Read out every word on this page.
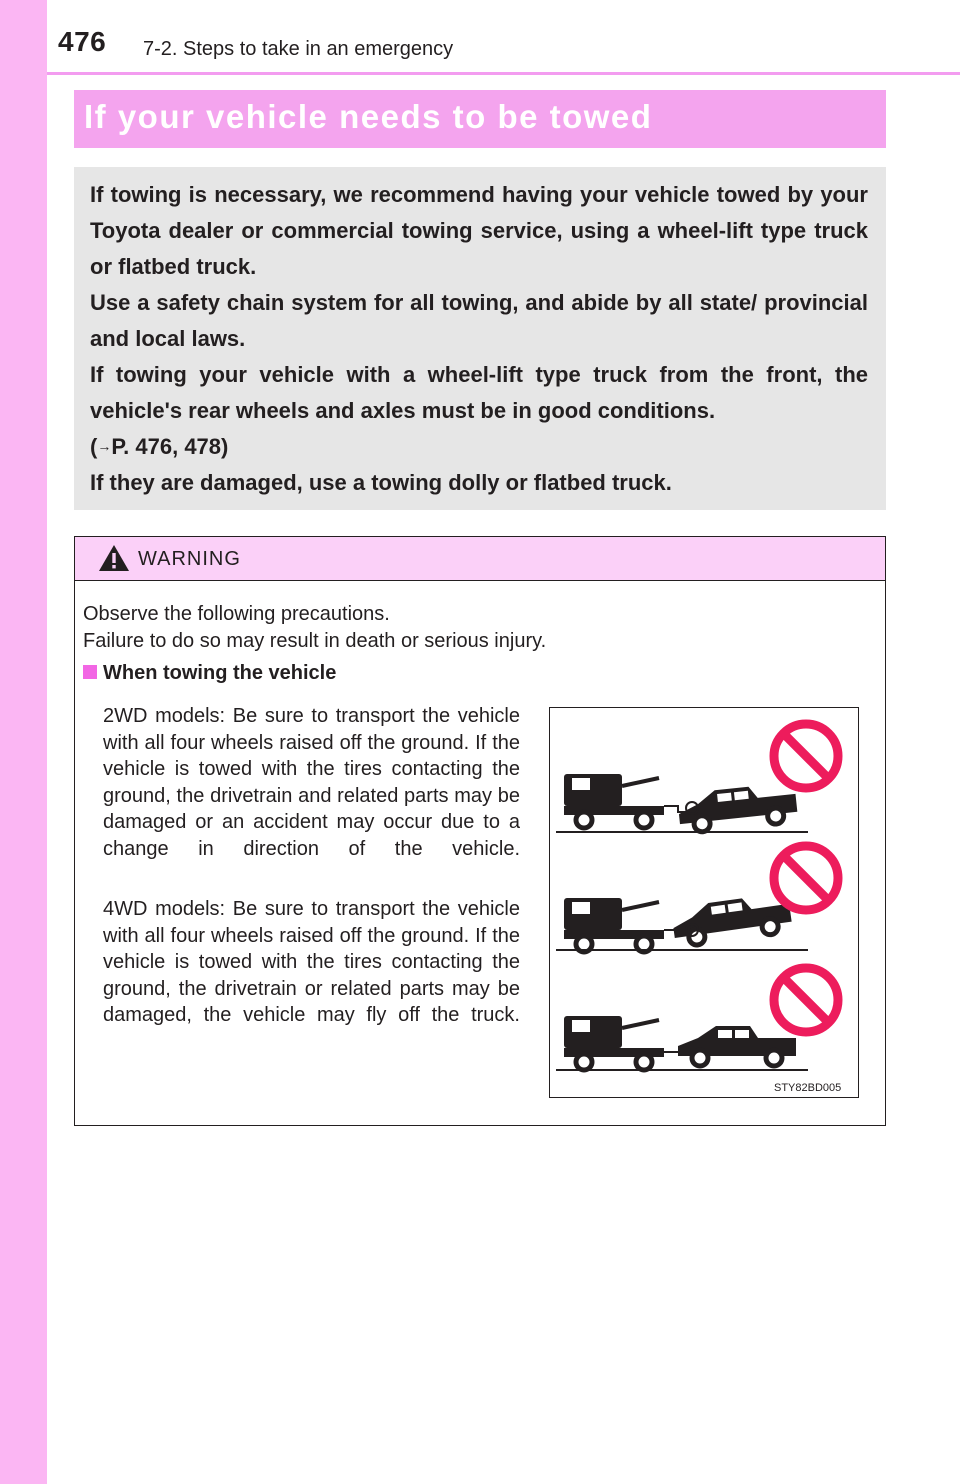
476 7-2. Steps to take in an emergency
If your vehicle needs to be towed

If towing is necessary, we recommend having your vehicle towed by your Toyota dealer or commercial towing service, using a wheel-lift type truck or flatbed truck.

Use a safety chain system for all towing, and abide by all state/ provincial and local laws.

If towing your vehicle with a wheel-lift type truck from the front, the vehicle's rear wheels and axles must be in good conditions.

(→P. 476, 478)

If they are damaged, use a towing dolly or flatbed truck.

WARNING
Observe the following precautions.
Failure to do so may result in death or serious injury.
When towing the vehicle

2WD models: Be sure to transport the vehicle with all four wheels raised off the ground. If the vehicle is towed with the tires contacting the ground, the drivetrain and related parts may be damaged or an accident may occur due to a change in direction of the vehicle.

4WD models: Be sure to transport the vehicle with all four wheels raised off the ground. If the vehicle is towed with the tires contacting the ground, the drivetrain or related parts may be damaged, the vehicle may fly off the truck.

STY82BD005
